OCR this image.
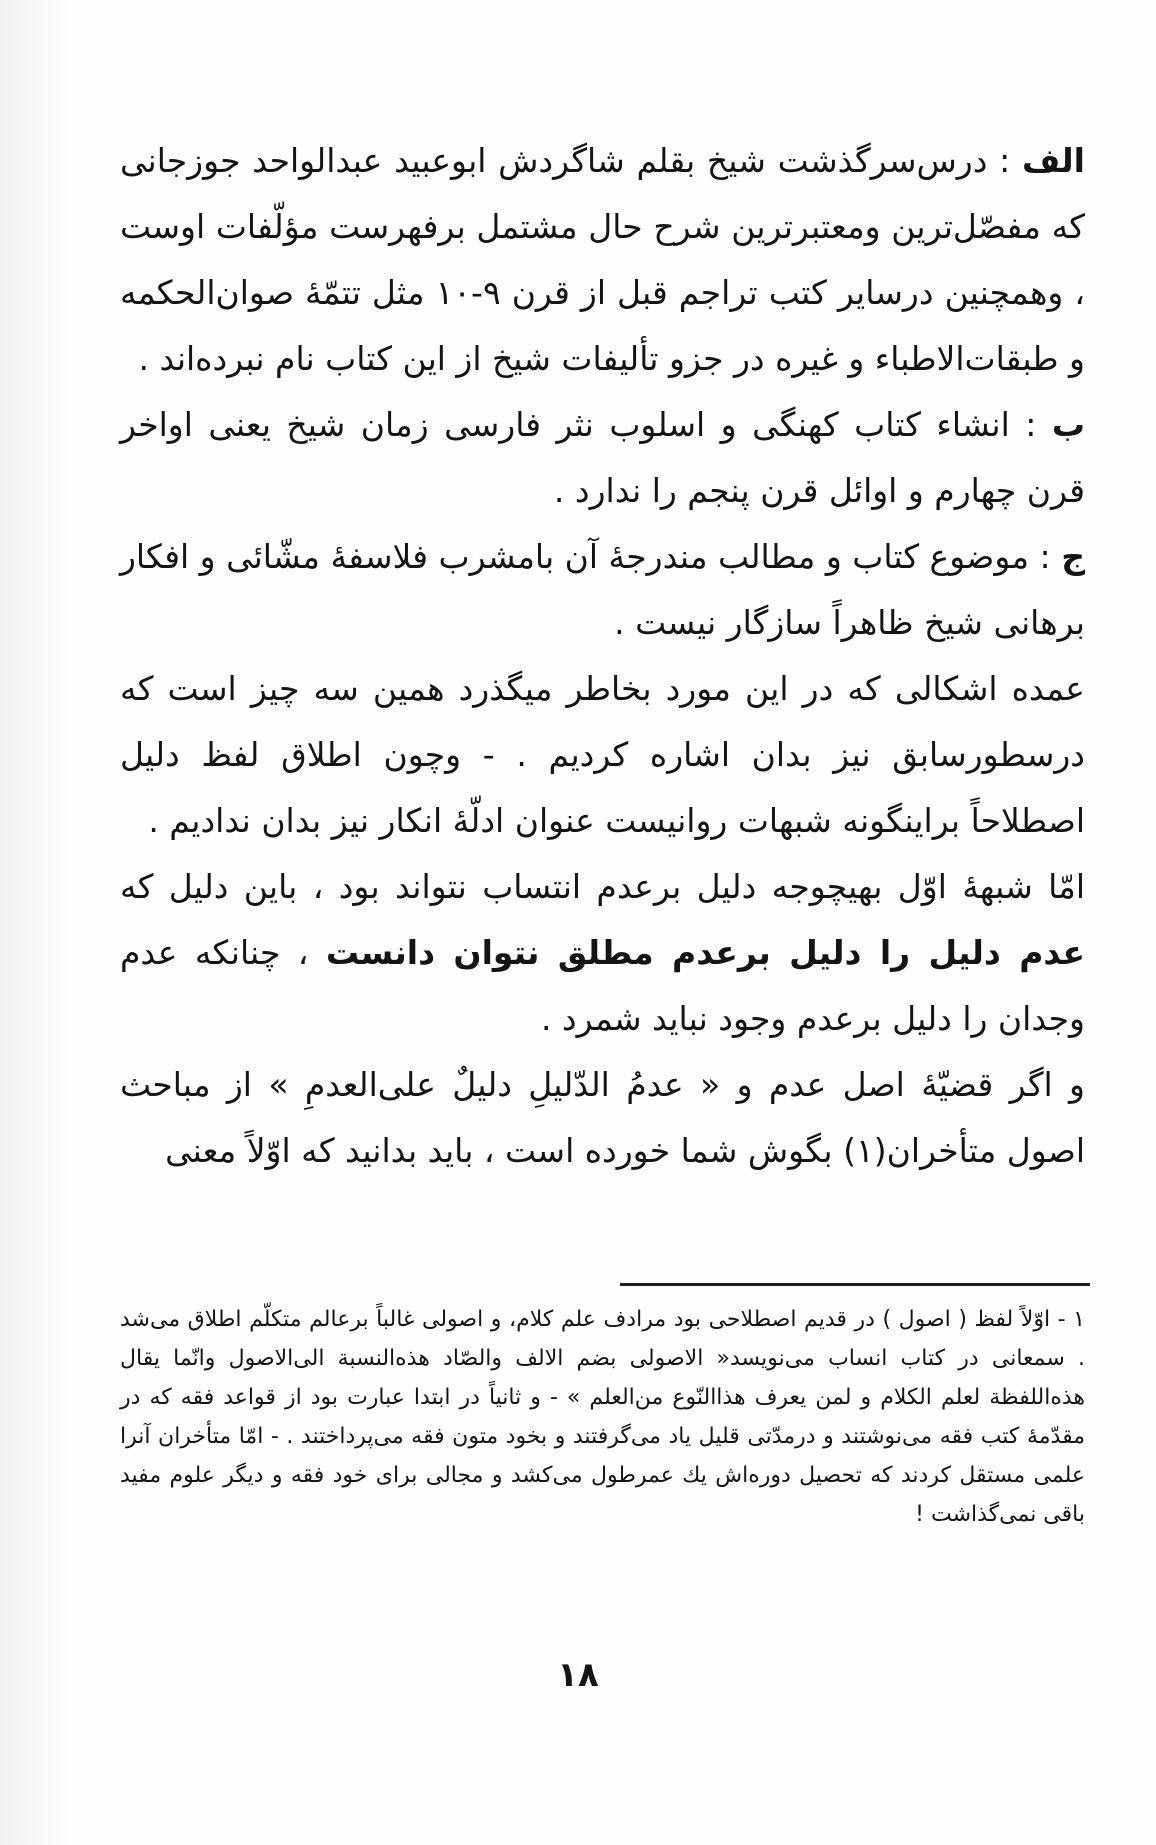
الف : درس‌سرگذشت شیخ بقلم شاگردش ابوعبید عبدالواحد جوزجانی که مفصّل‌ترین ومعتبرترین شرح حال مشتمل برفهرست مؤلّفات اوست ، وهمچنین درسایر کتب تراجم قبل از قرن ۹-۱۰ مثل تتمّهٔ صوان‌الحکمه و طبقات‌الاطباء و غیره در جزو تألیفات شیخ از این کتاب نام نبرده‌اند .

ب : انشاء کتاب کهنگی و اسلوب نثر فارسی زمان شیخ یعنی اواخر قرن چهارم و اوائل قرن پنجم را ندارد .

ج : موضوع کتاب و مطالب مندرجهٔ آن بامشرب فلاسفهٔ مشّائی و افکار برهانی شیخ ظاهراً سازگار نیست .

عمده اشکالی که در این مورد بخاطر میگذرد همین سه چیز است که درسطورسابق نیز بدان اشاره کردیم . - وچون اطلاق لفظ دلیل اصطلاحاً براینگونه شبهات روانیست عنوان ادلّهٔ انکار نیز بدان ندادیم .

امّا شبههٔ اوّل بهیچوجه دلیل برعدم انتساب نتواند بود ، باین دلیل که عدم دلیل را دلیل برعدم مطلق نتوان دانست ، چنانکه عدم وجدان را دلیل برعدم وجود نباید شمرد .

و اگر قضیّهٔ اصل عدم و « عدمُ الدّلیلِ دلیلٌ علی‌العدمِ » از مباحث اصول متأخران(۱) بگوش شما خورده است ، باید بدانید که اوّلاً معنی

۱ - اوّلاً لفظ ( اصول ) در قدیم اصطلاحی بود مرادف علم کلام، و اصولی غالباً برعالم متکلّم اطلاق می‌شد . سمعانی در کتاب انساب می‌نویسد« الاصولی بضم الالف والصّاد هذه‌النسبة الی‌الاصول وانّما یقال هذه‌اللفظة لعلم الکلام و لمن یعرف هذاالنّوع من‌العلم » - و ثانیاً در ابتدا عبارت بود از قواعد فقه که در مقدّمهٔ کتب فقه می‌نوشتند و درمدّتی قلیل یاد می‌گرفتند و بخود متون فقه می‌پرداختند . - امّا متأخران آنرا علمی مستقل کردند که تحصیل دوره‌اش یك عمرطول می‌کشد و مجالی برای خود فقه و دیگر علوم مفید باقی نمی‌گذاشت !

۱۸
